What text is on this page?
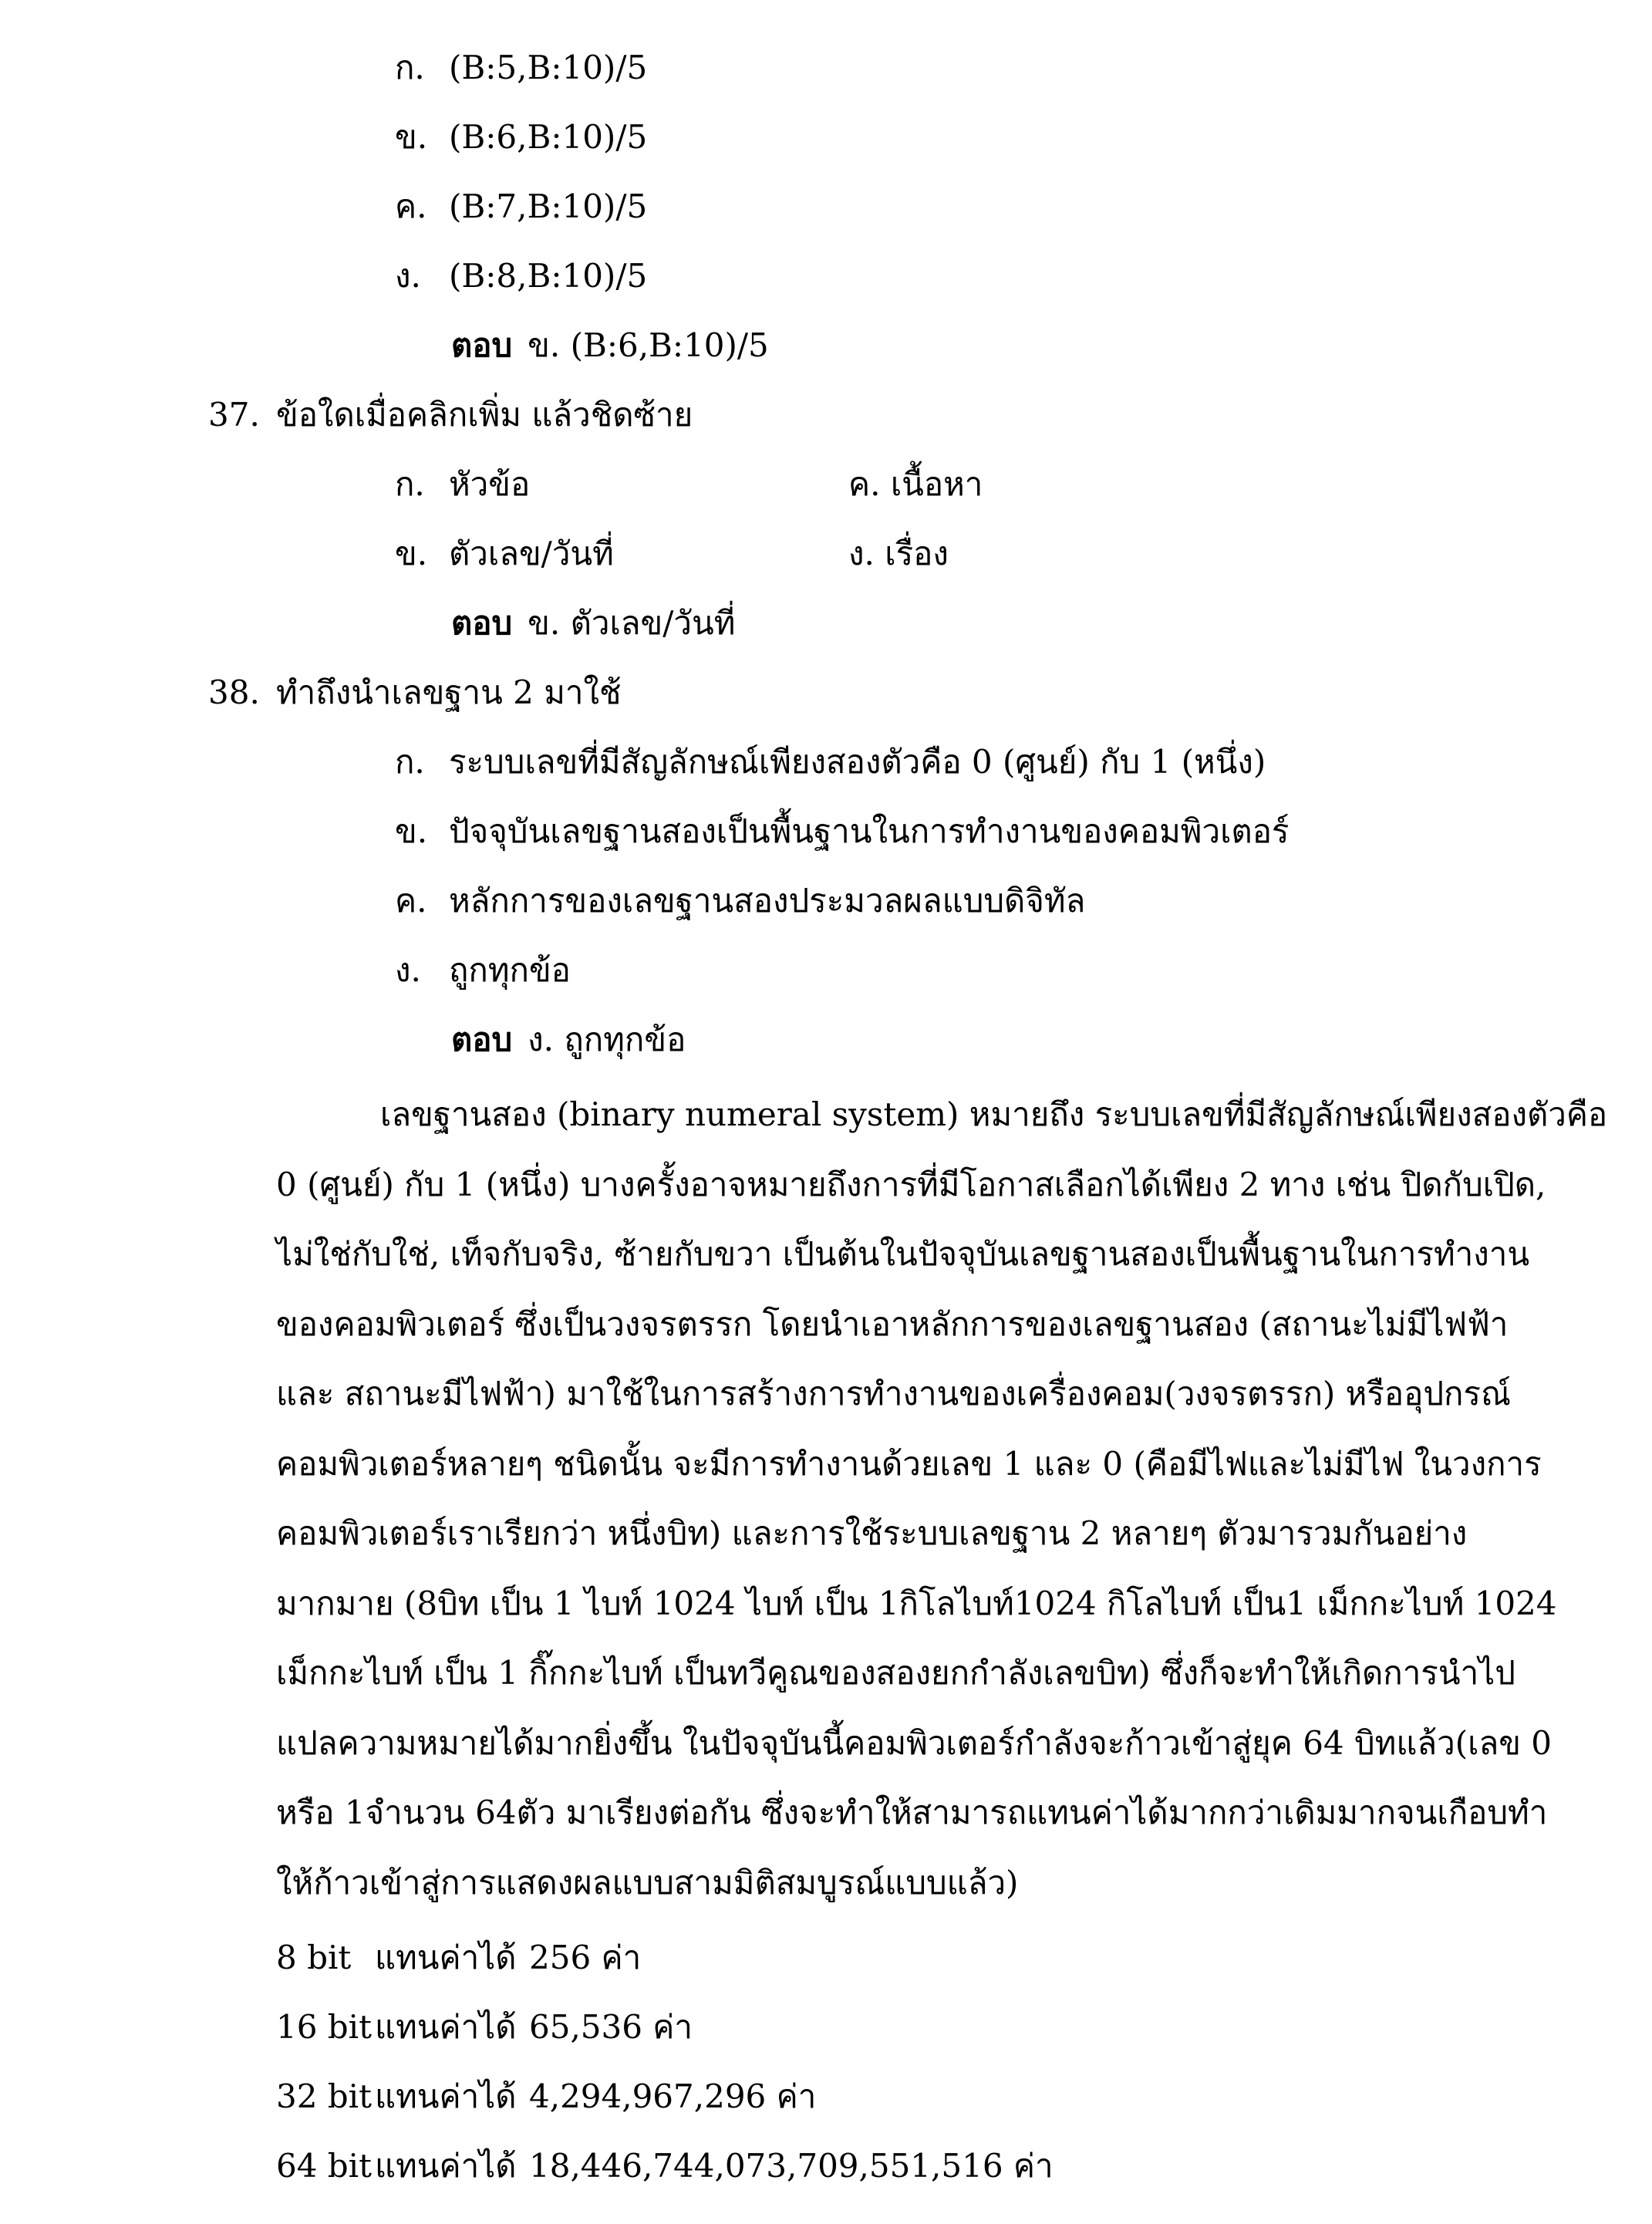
ก. (B:5,B:10)/5
ข. (B:6,B:10)/5
ค. (B:7,B:10)/5
ง. (B:8,B:10)/5
ตอบ ข. (B:6,B:10)/5
37. ข้อใดเมื่อคลิกเพิ่ม แล้วชิดซ้าย
ก. หัวข้อ	ค. เนื้อหา
ข. ตัวเลข/วันที่	ง. เรื่อง
ตอบ ข. ตัวเลข/วันที่
38. ทำถึงนำเลขฐาน 2 มาใช้
ก. ระบบเลขที่มีสัญลักษณ์เพียงสองตัวคือ 0 (ศูนย์) กับ 1 (หนึ่ง)
ข. ปัจจุบันเลขฐานสองเป็นพื้นฐานในการทำงานของคอมพิวเตอร์
ค. หลักการของเลขฐานสองประมวลผลแบบดิจิทัล
ง. ถูกทุกข้อ
ตอบ ง. ถูกทุกข้อ
เลขฐานสอง (binary numeral system) หมายถึง ระบบเลขที่มีสัญลักษณ์เพียงสองตัวคือ
0 (ศูนย์) กับ 1 (หนึ่ง) บางครั้งอาจหมายถึงการที่มีโอกาสเลือกได้เพียง 2 ทาง เช่น ปิดกับเปิด,
ไม่ใช่กับใช่, เท็จกับจริง, ซ้ายกับขวา เป็นต้นในปัจจุบันเลขฐานสองเป็นพื้นฐานในการทำงาน
ของคอมพิวเตอร์ ซึ่งเป็นวงจรตรรก โดยนำเอาหลักการของเลขฐานสอง (สถานะไม่มีไฟฟ้า
และ สถานะมีไฟฟ้า) มาใช้ในการสร้างการทำงานของเครื่องคอม(วงจรตรรก) หรืออุปกรณ์
คอมพิวเตอร์หลายๆ ชนิดนั้น จะมีการทำงานด้วยเลข 1 และ 0 (คือมีไฟและไม่มีไฟ ในวงการ
คอมพิวเตอร์เราเรียกว่า หนึ่งบิท) และการใช้ระบบเลขฐาน 2 หลายๆ ตัวมารวมกันอย่าง
มากมาย (8บิท เป็น 1 ไบท์ 1024 ไบท์ เป็น 1กิโลไบท์1024 กิโลไบท์ เป็น1 เม็กกะไบท์ 1024
เม็กกะไบท์ เป็น 1 กิ๊กกะไบท์ เป็นทวีคูณของสองยกกำลังเลขบิท) ซึ่งก็จะทำให้เกิดการนำไป
แปลความหมายได้มากยิ่งขึ้น ในปัจจุบันนี้คอมพิวเตอร์กำลังจะก้าวเข้าสู่ยุค 64 บิทแล้ว(เลข 0
หรือ 1จำนวน 64ตัว มาเรียงต่อกัน ซึ่งจะทำให้สามารถแทนค่าได้มากกว่าเดิมมากจนเกือบทำ
ให้ก้าวเข้าสู่การแสดงผลแบบสามมิติสมบูรณ์แบบแล้ว)
8 bit แทนค่าได้ 256 ค่า
16 bitแทนค่าได้ 65,536 ค่า
32 bitแทนค่าได้ 4,294,967,296 ค่า
64 bitแทนค่าได้ 18,446,744,073,709,551,516 ค่า
